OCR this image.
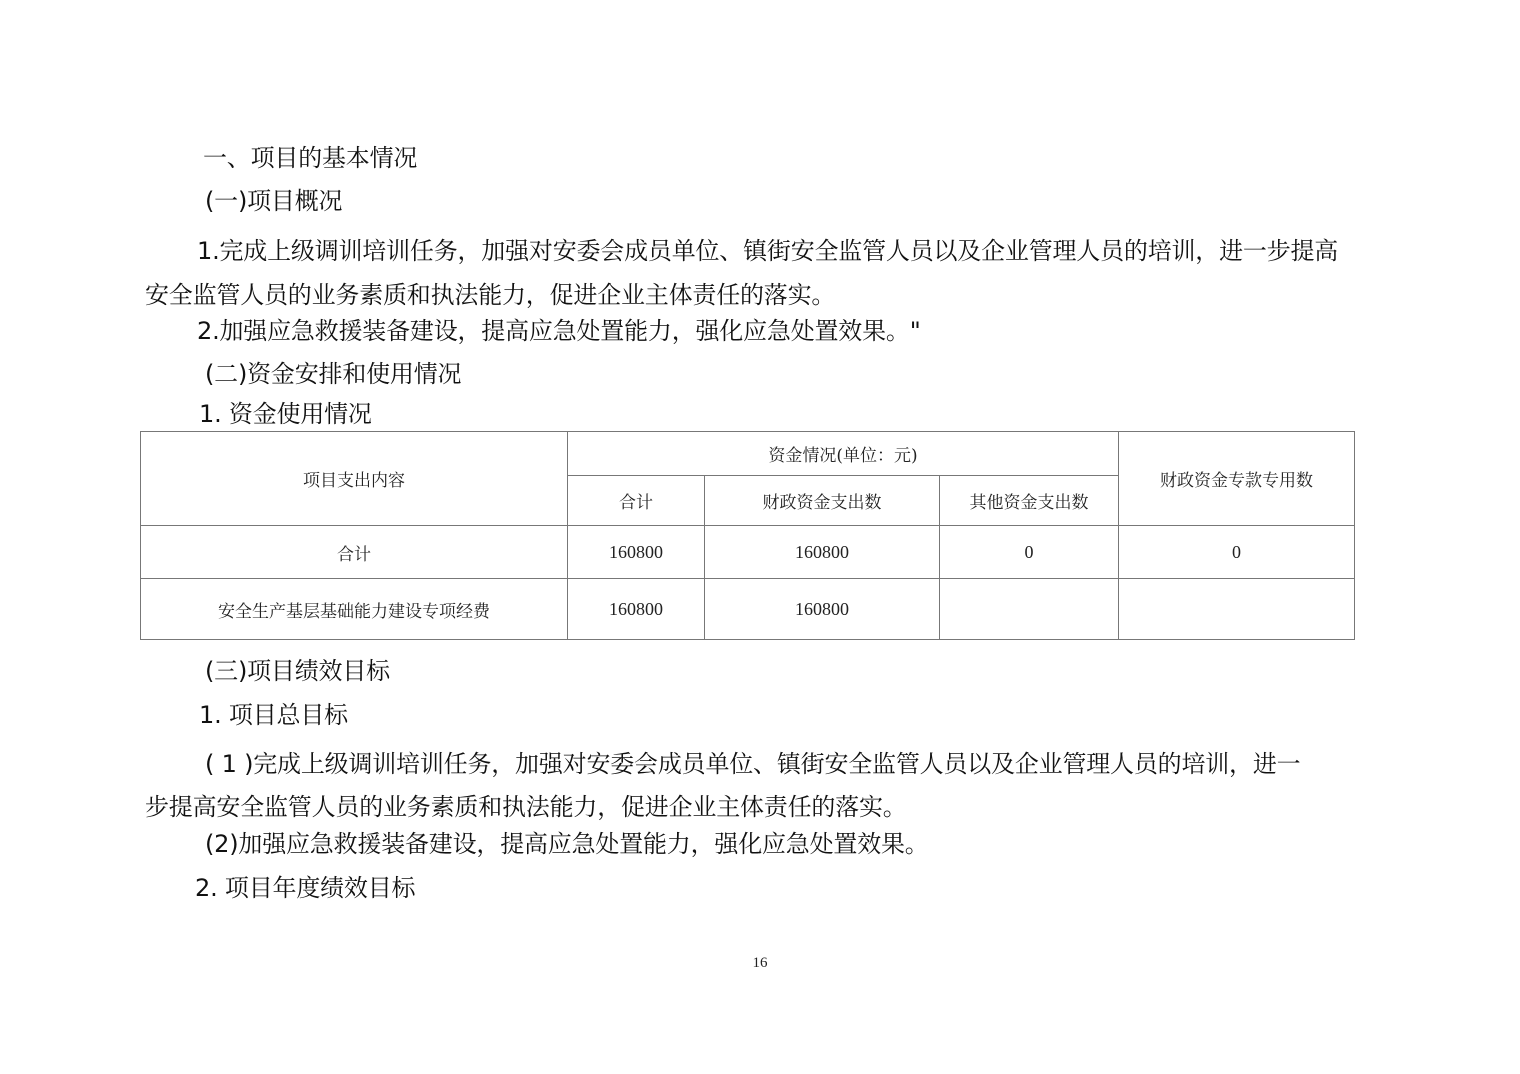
一、项目的基本情况
(一)项目概况
1.完成上级调训培训任务，加强对安委会成员单位、镇街安全监管人员以及企业管理人员的培训，进一步提高
安全监管人员的业务素质和执法能力，促进企业主体责任的落实。
2.加强应急救援装备建设，提高应急处置能力，强化应急处置效果。"
(二)资金安排和使用情况
1. 资金使用情况
项目支出内容	资金情况(单位：元)			财政资金专款专用数
	合计	财政资金支出数	其他资金支出数	
合计	160800	160800	0	0
安全生产基层基础能力建设专项经费	160800	160800		
(三)项目绩效目标
1. 项目总目标
( 1 )完成上级调训培训任务，加强对安委会成员单位、镇街安全监管人员以及企业管理人员的培训，进一
步提高安全监管人员的业务素质和执法能力，促进企业主体责任的落实。
(2)加强应急救援装备建设，提高应急处置能力，强化应急处置效果。
2. 项目年度绩效目标
16
